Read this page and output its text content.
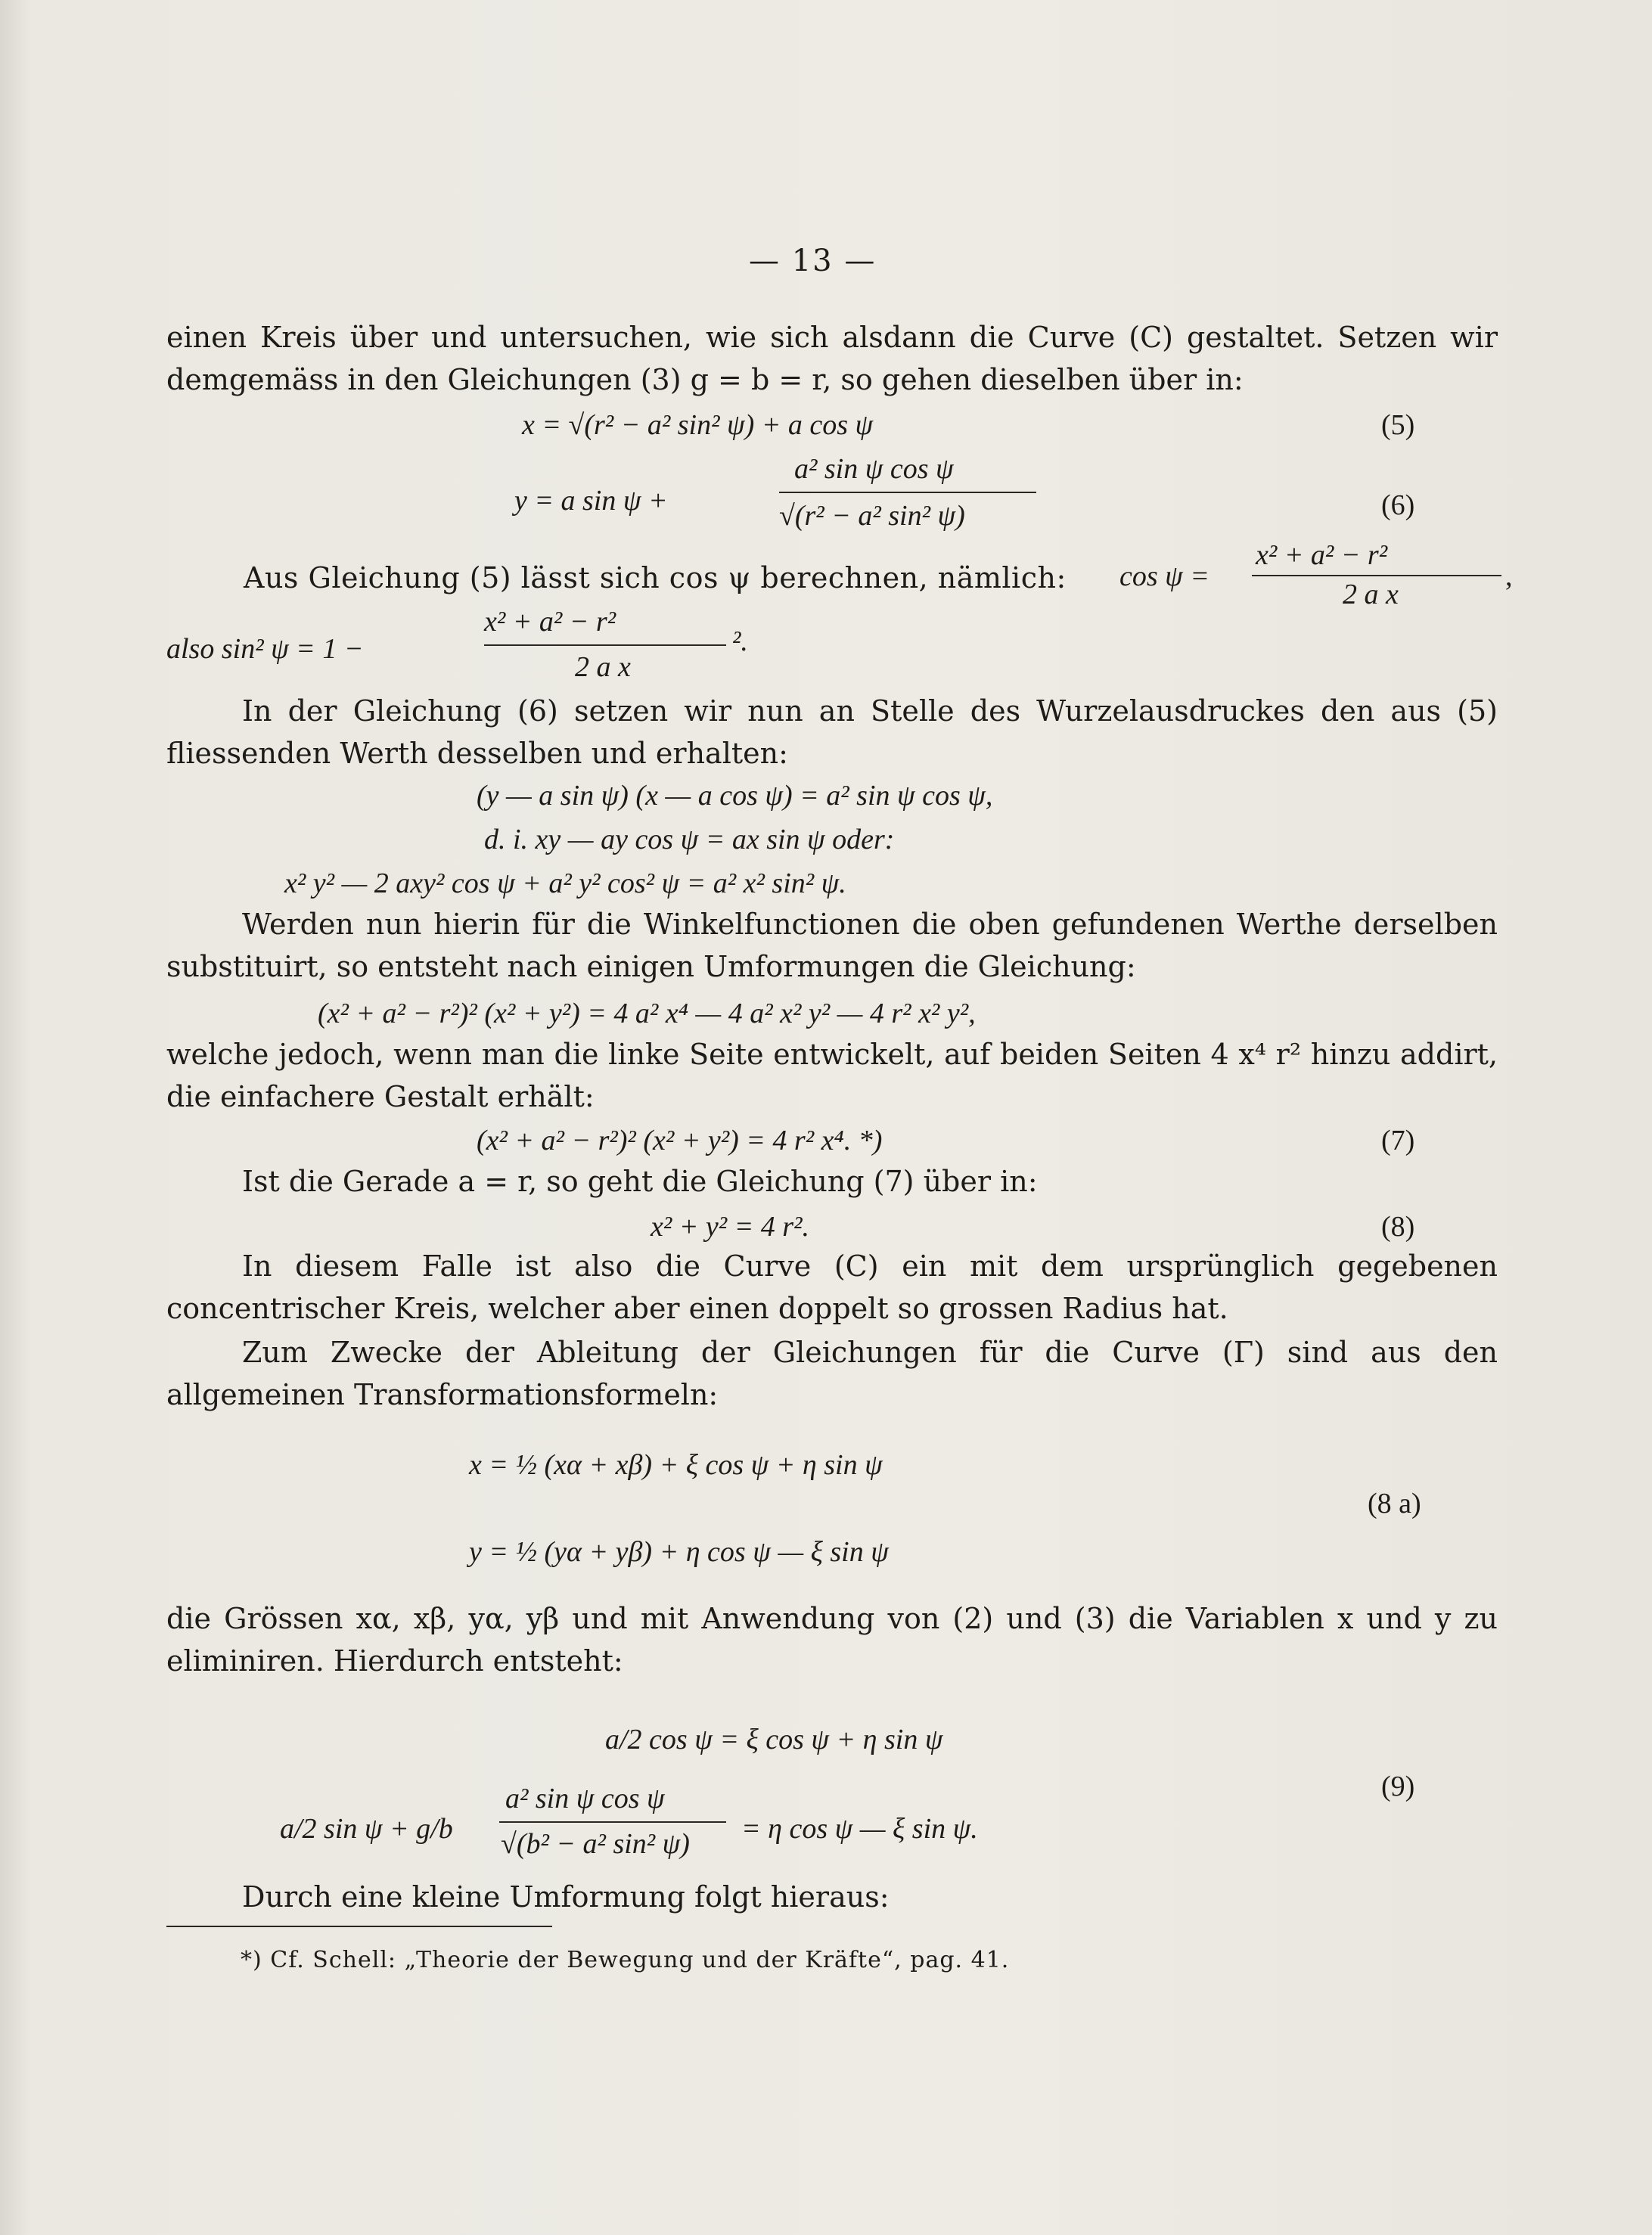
— 13 —
einen Kreis über und untersuchen, wie sich alsdann die Curve (C) gestaltet. Setzen wir demgemäss in den Gleichungen (3) g = b = r, so gehen dieselben über in:
x = √(r² − a² sin² ψ) + a cos ψ	(5)
y = a sin ψ +
a² sin ψ cos ψ
√(r² − a² sin² ψ)	(6)
Aus Gleichung (5) lässt sich cos ψ berechnen, nämlich: cos ψ =
x² + a² − r²
2 a x
,
also sin² ψ = 1 −
x² + a² − r²
2 a x
².
In der Gleichung (6) setzen wir nun an Stelle des Wurzelausdruckes den aus (5) fliessenden Werth desselben und erhalten:
(y — a sin ψ) (x — a cos ψ) = a² sin ψ cos ψ,
d. i. xy — ay cos ψ = ax sin ψ oder:
x² y² — 2 axy² cos ψ + a² y² cos² ψ = a² x² sin² ψ.
Werden nun hierin für die Winkelfunctionen die oben gefundenen Werthe derselben substituirt, so entsteht nach einigen Umformungen die Gleichung:
(x² + a² − r²)² (x² + y²) = 4 a² x⁴ — 4 a² x² y² — 4 r² x² y²,
welche jedoch, wenn man die linke Seite entwickelt, auf beiden Seiten 4 x⁴ r² hinzu addirt, die einfachere Gestalt erhält:
(x² + a² − r²)² (x² + y²) = 4 r² x⁴. *)	(7)
Ist die Gerade a = r, so geht die Gleichung (7) über in:
x² + y² = 4 r².	(8)
In diesem Falle ist also die Curve (C) ein mit dem ursprünglich gegebenen concentrischer Kreis, welcher aber einen doppelt so grossen Radius hat.
Zum Zwecke der Ableitung der Gleichungen für die Curve (Γ) sind aus den allgemeinen Transformationsformeln:
x = ½ (xα + xβ) + ξ cos ψ + η sin ψ
y = ½ (yα + yβ) + η cos ψ — ξ sin ψ
(8 a)
die Grössen xα, xβ, yα, yβ und mit Anwendung von (2) und (3) die Variablen x und y zu eliminiren. Hierdurch entsteht:
a/2 cos ψ = ξ cos ψ + η sin ψ
a/2 sin ψ + g/b
a² sin ψ cos ψ
√(b² − a² sin² ψ) = η cos ψ — ξ sin ψ.
(9)
Durch eine kleine Umformung folgt hieraus:
*) Cf. Schell: „Theorie der Bewegung und der Kräfte“, pag. 41.
